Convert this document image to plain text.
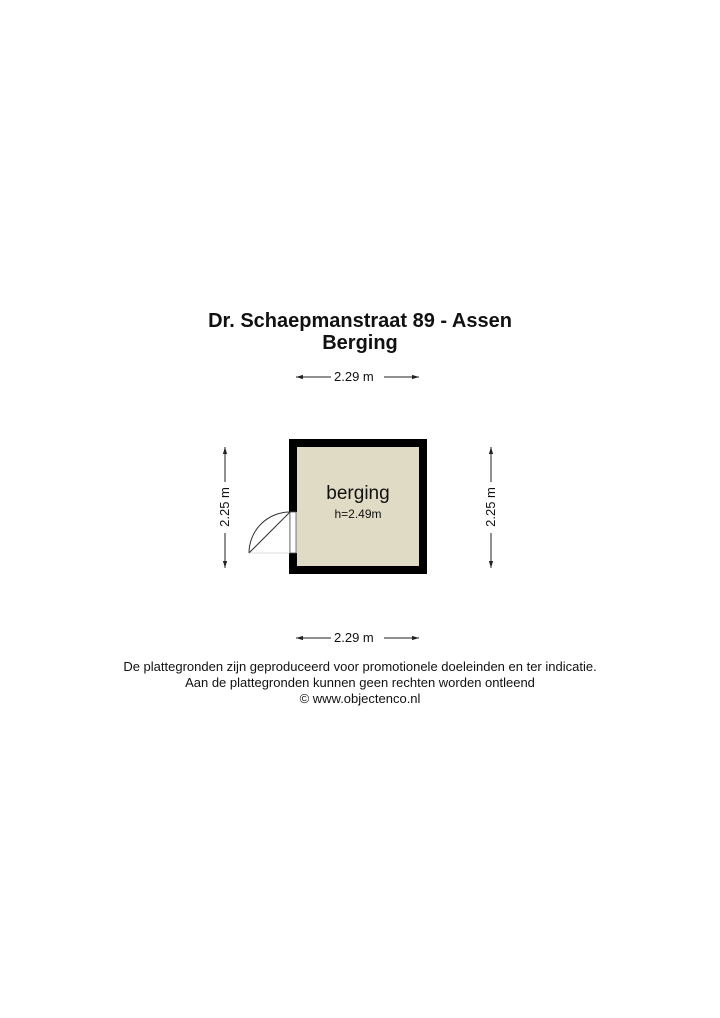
Dr. Schaepmanstraat 89 - Assen
Berging
2.29 m
2.29 m
2.25 m	2.25 m
berging
h=2.49m
De plattegronden zijn geproduceerd voor promotionele doeleinden en ter indicatie.
Aan de plattegronden kunnen geen rechten worden ontleend
© www.objectenco.nl
